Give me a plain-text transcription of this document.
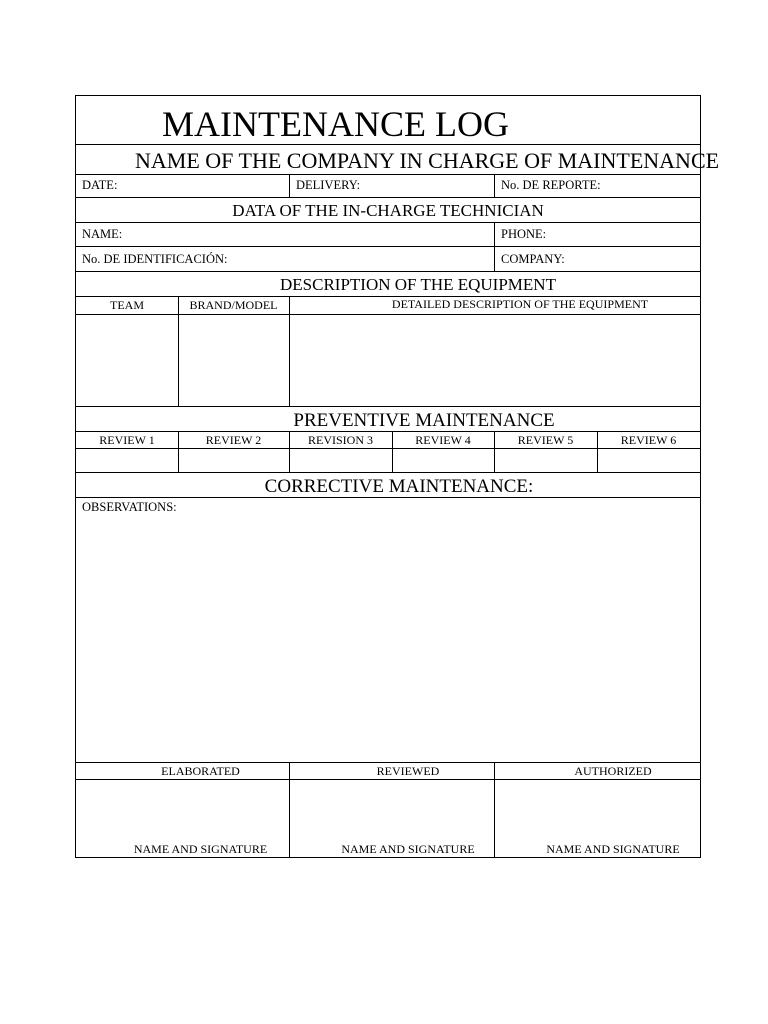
MAINTENANCE LOG
NAME OF THE COMPANY IN CHARGE OF MAINTENANCE
DATE:	DELIVERY:	No. DE REPORTE:
DATA OF THE IN-CHARGE TECHNICIAN
NAME:	PHONE:
No. DE IDENTIFICACIÓN:	COMPANY:
DESCRIPTION OF THE EQUIPMENT
TEAM	BRAND/MODEL	DETAILED DESCRIPTION OF THE EQUIPMENT
PREVENTIVE MAINTENANCE
REVIEW 1	REVIEW 2	REVISION 3	REVIEW 4	REVIEW 5	REVIEW 6
CORRECTIVE MAINTENANCE:
OBSERVATIONS:
ELABORATED	REVIEWED	AUTHORIZED
NAME AND SIGNATURE	NAME AND SIGNATURE	NAME AND SIGNATURE
